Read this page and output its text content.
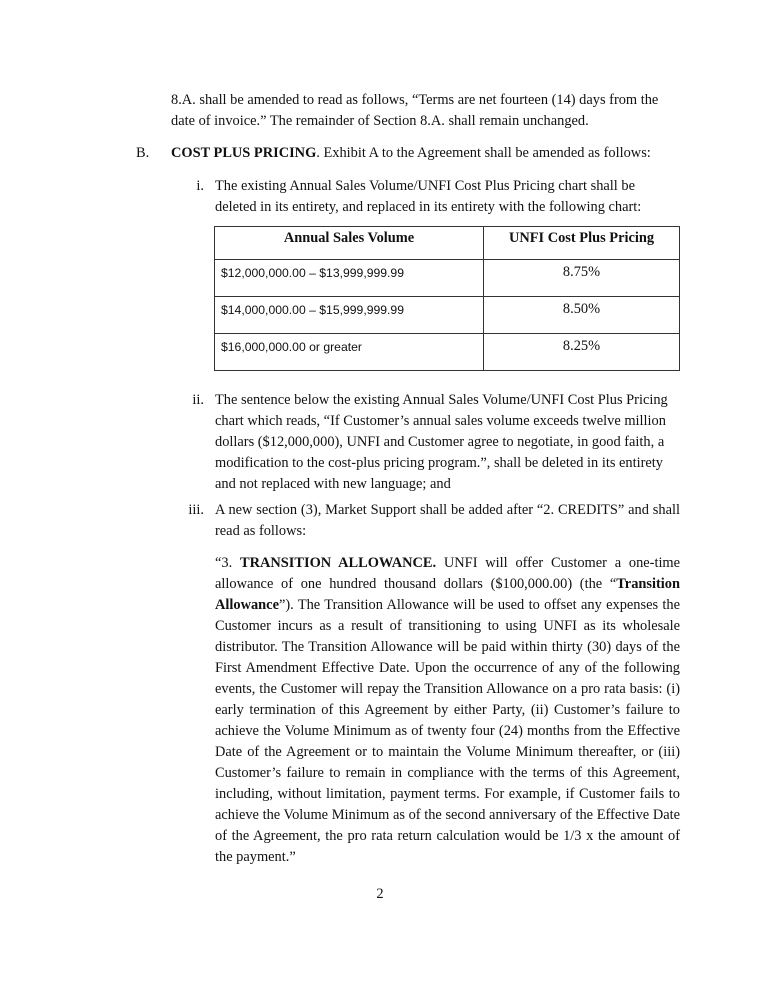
8.A. shall be amended to read as follows, “Terms are net fourteen (14) days from the
date of invoice.” The remainder of Section 8.A. shall remain unchanged.
B.	COST PLUS PRICING. Exhibit A to the Agreement shall be amended as follows:
i. The existing Annual Sales Volume/UNFI Cost Plus Pricing chart shall be deleted in its entirety, and replaced in its entirety with the following chart:
Annual Sales Volume	UNFI Cost Plus Pricing
$12,000,000.00 – $13,999,999.99	8.75%
$14,000,000.00 – $15,999,999.99	8.50%
$16,000,000.00 or greater	8.25%
ii. The sentence below the existing Annual Sales Volume/UNFI Cost Plus Pricing chart which reads, “If Customer’s annual sales volume exceeds twelve million dollars ($12,000,000), UNFI and Customer agree to negotiate, in good faith, a modification to the cost-plus pricing program.”, shall be deleted in its entirety and not replaced with new language; and
iii. A new section (3), Market Support shall be added after “2. CREDITS” and shall read as follows:
“3. TRANSITION ALLOWANCE. UNFI will offer Customer a one-time allowance of one hundred thousand dollars ($100,000.00) (the “Transition Allowance”). The Transition Allowance will be used to offset any expenses the Customer incurs as a result of transitioning to using UNFI as its wholesale distributor. The Transition Allowance will be paid within thirty (30) days of the First Amendment Effective Date. Upon the occurrence of any of the following events, the Customer will repay the Transition Allowance on a pro rata basis: (i) early termination of this Agreement by either Party, (ii) Customer’s failure to achieve the Volume Minimum as of twenty four (24) months from the Effective Date of the Agreement or to maintain the Volume Minimum thereafter, or (iii) Customer’s failure to remain in compliance with the terms of this Agreement, including, without limitation, payment terms. For example, if Customer fails to achieve the Volume Minimum as of the second anniversary of the Effective Date of the Agreement, the pro rata return calculation would be 1/3 x the amount of the payment.”
2
